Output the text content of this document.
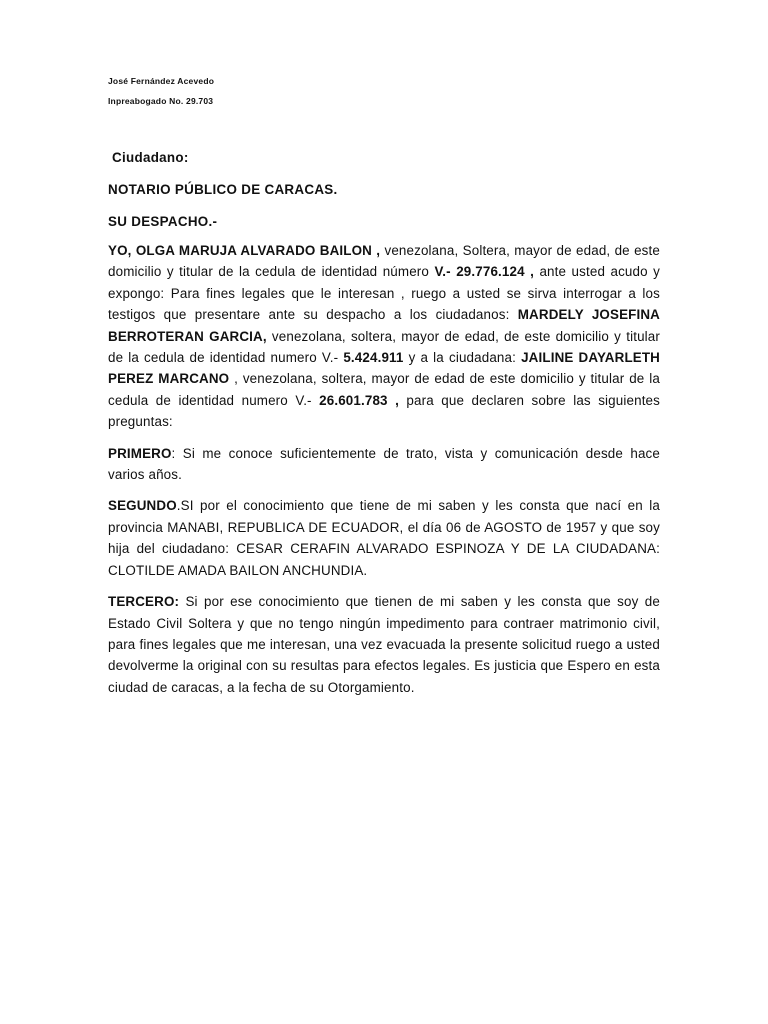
José Fernández Acevedo
Inpreabogado No. 29.703
Ciudadano:
NOTARIO PÚBLICO DE CARACAS.
SU DESPACHO.-

YO, OLGA MARUJA ALVARADO BAILON , venezolana, Soltera, mayor de edad, de este domicilio y titular de la cedula de identidad número V.- 29.776.124 , ante usted acudo y expongo: Para fines legales que le interesan , ruego a usted se sirva interrogar a los testigos que presentare ante su despacho a los ciudadanos: MARDELY JOSEFINA BERROTERAN GARCIA, venezolana, soltera, mayor de edad, de este domicilio y titular de la cedula de identidad numero V.- 5.424.911 y a la ciudadana: JAILINE DAYARLETH PEREZ MARCANO , venezolana, soltera, mayor de edad de este domicilio y titular de la cedula de identidad numero V.- 26.601.783 , para que declaren sobre las siguientes preguntas:

PRIMERO: Si me conoce suficientemente de trato, vista y comunicación desde hace varios años.

SEGUNDO.SI por el conocimiento que tiene de mi saben y les consta que nací en la provincia MANABI, REPUBLICA DE ECUADOR, el día 06 de AGOSTO de 1957 y que soy hija del ciudadano: CESAR CERAFIN ALVARADO ESPINOZA Y DE LA CIUDADANA: CLOTILDE AMADA BAILON ANCHUNDIA.

TERCERO: Si por ese conocimiento que tienen de mi saben y les consta que soy de Estado Civil Soltera y que no tengo ningún impedimento para contraer matrimonio civil, para fines legales que me interesan, una vez evacuada la presente solicitud ruego a usted devolverme la original con su resultas para efectos legales. Es justicia que Espero en esta ciudad de caracas, a la fecha de su Otorgamiento.
